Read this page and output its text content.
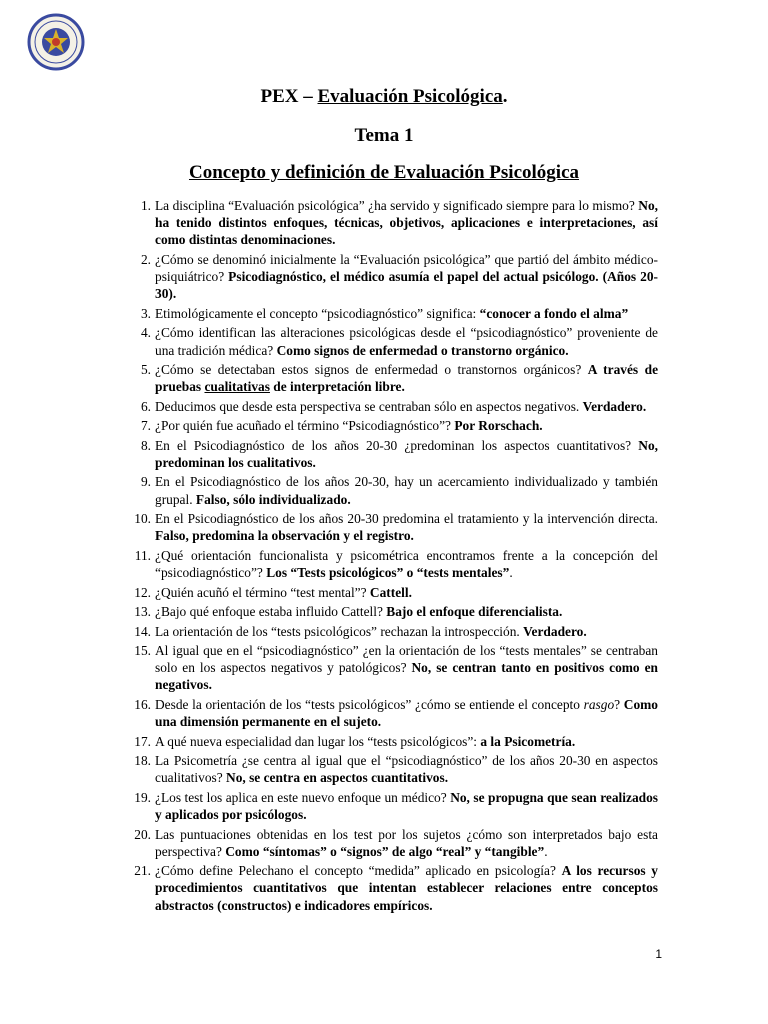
PEX – Evaluación Psicológica.
Tema 1
Concepto y definición de Evaluación Psicológica
1. La disciplina “Evaluación psicológica” ¿ha servido y significado siempre para lo mismo? No, ha tenido distintos enfoques, técnicas, objetivos, aplicaciones e interpretaciones, así como distintas denominaciones.
2. ¿Cómo se denominó inicialmente la “Evaluación psicológica” que partió del ámbito médico-psiquiátrico? Psicodiagnóstico, el médico asumía el papel del actual psicólogo. (Años 20-30).
3. Etimológicamente el concepto “psicodiagnóstico” significa: “conocer a fondo el alma”
4. ¿Cómo identifican las alteraciones psicológicas desde el “psicodiagnóstico” proveniente de una tradición médica? Como signos de enfermedad o transtorno orgánico.
5. ¿Cómo se detectaban estos signos de enfermedad o transtornos orgánicos? A través de pruebas cualitativas de interpretación libre.
6. Deducimos que desde esta perspectiva se centraban sólo en aspectos negativos. Verdadero.
7. ¿Por quién fue acuñado el término “Psicodiagnóstico”? Por Rorschach.
8. En el Psicodiagnóstico de los años 20-30 ¿predominan los aspectos cuantitativos? No, predominan los cualitativos.
9. En el Psicodiagnóstico de los años 20-30, hay un acercamiento individualizado y también grupal. Falso, sólo individualizado.
10. En el Psicodiagnóstico de los años 20-30 predomina el tratamiento y la intervención directa. Falso, predomina la observación y el registro.
11. ¿Qué orientación funcionalista y psicométrica encontramos frente a la concepción del “psicodiagnóstico”? Los “Tests psicológicos” o “tests mentales”.
12. ¿Quién acuñó el término “test mental”? Cattell.
13. ¿Bajo qué enfoque estaba influido Cattell? Bajo el enfoque diferencialista.
14. La orientación de los “tests psicológicos” rechazan la introspección. Verdadero.
15. Al igual que en el “psicodiagnóstico” ¿en la orientación de los “tests mentales” se centraban solo en los aspectos negativos y patológicos? No, se centran tanto en positivos como en negativos.
16. Desde la orientación de los “tests psicológicos” ¿cómo se entiende el concepto rasgo? Como una dimensión permanente en el sujeto.
17. A qué nueva especialidad dan lugar los “tests psicológicos”: a la Psicometría.
18. La Psicometría ¿se centra al igual que el “psicodiagnóstico” de los años 20-30 en aspectos cualitativos? No, se centra en aspectos cuantitativos.
19. ¿Los test los aplica en este nuevo enfoque un médico? No, se propugna que sean realizados y aplicados por psicólogos.
20. Las puntuaciones obtenidas en los test por los sujetos ¿cómo son interpretados bajo esta perspectiva? Como “síntomas” o “signos” de algo “real” y “tangible”.
21. ¿Cómo define Pelechano el concepto “medida” aplicado en psicología? A los recursos y procedimientos cuantitativos que intentan establecer relaciones entre conceptos abstractos (constructos) e indicadores empíricos.
1
